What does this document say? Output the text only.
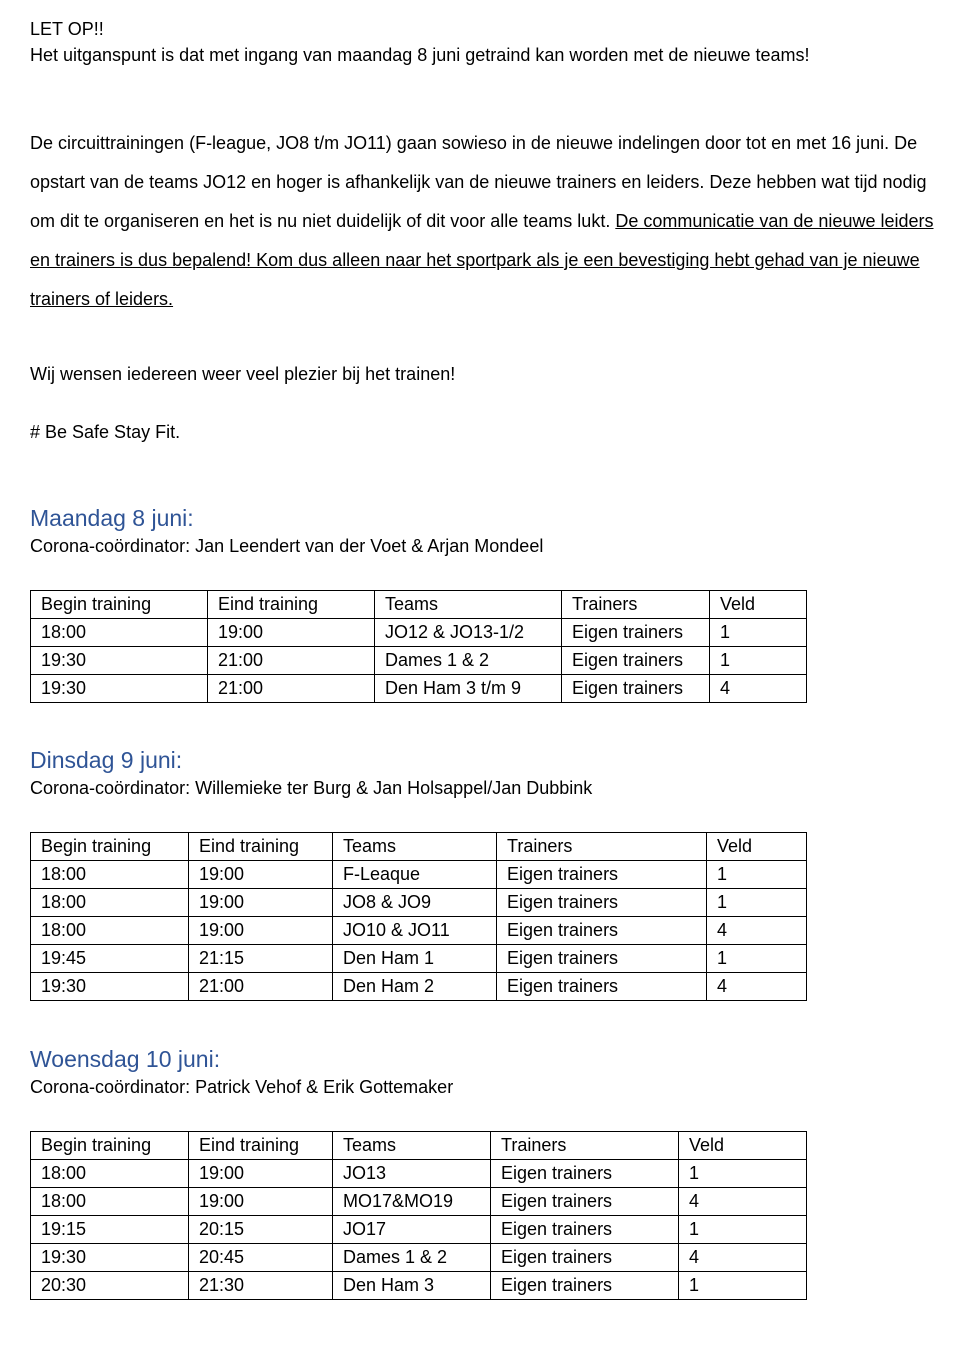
LET OP!!

Het uitganspunt is dat met ingang van maandag 8 juni getraind kan worden met de nieuwe teams!

De circuittrainingen (F-league, JO8 t/m JO11) gaan sowieso in de nieuwe indelingen door tot en met 16 juni. De opstart van de teams JO12 en hoger is afhankelijk van de nieuwe trainers en leiders. Deze hebben wat tijd nodig om dit te organiseren en het is nu niet duidelijk of dit voor alle teams lukt. De communicatie van de nieuwe leiders en trainers is dus bepalend! Kom dus alleen naar het sportpark als je een bevestiging hebt gehad van je nieuwe trainers of leiders.

Wij wensen iedereen weer veel plezier bij het trainen!

# Be Safe Stay Fit.

Maandag 8 juni:

Corona-coördinator: Jan Leendert van der Voet & Arjan Mondeel

Begin training	Eind training	Teams	Trainers	Veld
18:00	19:00	JO12 & JO13-1/2	Eigen trainers	1
19:30	21:00	Dames 1 & 2	Eigen trainers	1
19:30	21:00	Den Ham 3 t/m 9	Eigen trainers	4

Dinsdag 9 juni:

Corona-coördinator: Willemieke ter Burg & Jan Holsappel/Jan Dubbink

Begin training	Eind training	Teams	Trainers	Veld
18:00	19:00	F-Leaque	Eigen trainers	1
18:00	19:00	JO8 & JO9	Eigen trainers	1
18:00	19:00	JO10 & JO11	Eigen trainers	4
19:45	21:15	Den Ham 1	Eigen trainers	1
19:30	21:00	Den Ham 2	Eigen trainers	4

Woensdag 10 juni:

Corona-coördinator: Patrick Vehof & Erik Gottemaker

Begin training	Eind training	Teams	Trainers	Veld
18:00	19:00	JO13	Eigen trainers	1
18:00	19:00	MO17&MO19	Eigen trainers	4
19:15	20:15	JO17	Eigen trainers	1
19:30	20:45	Dames 1 & 2	Eigen trainers	4
20:30	21:30	Den Ham 3	Eigen trainers	1
